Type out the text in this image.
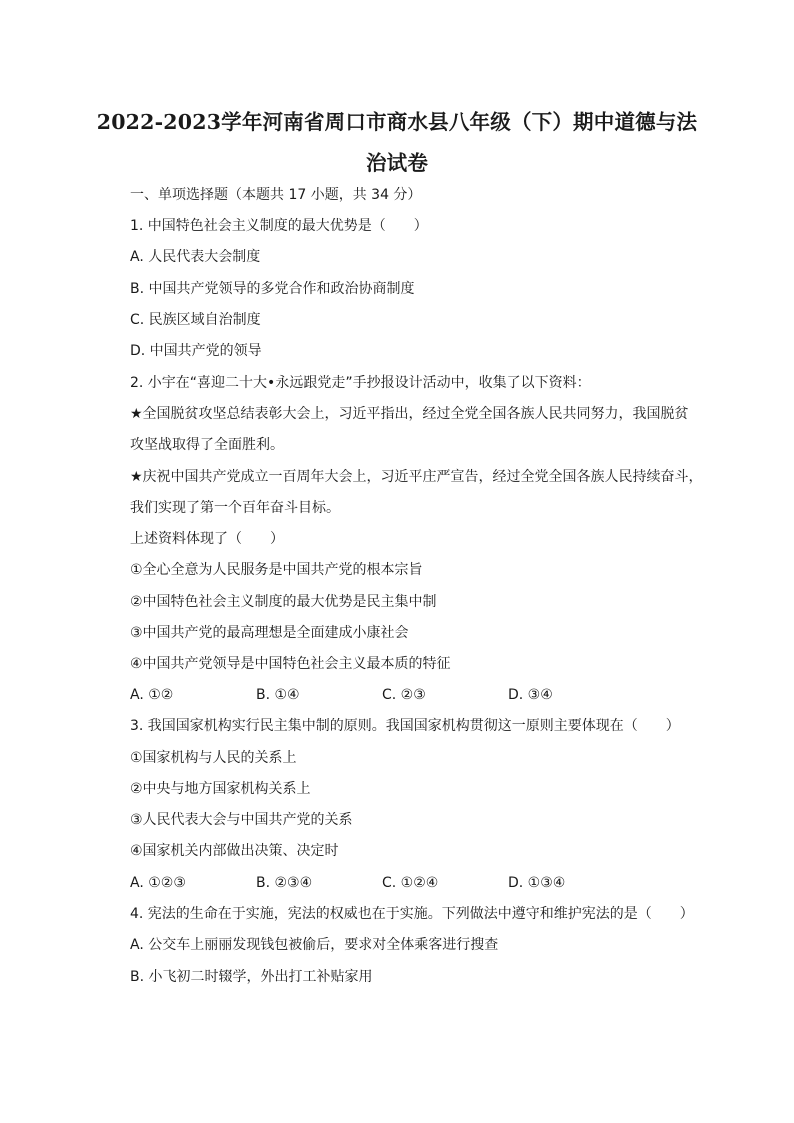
2022-2023学年河南省周口市商水县八年级（下）期中道德与法
治试卷
一、单项选择题（本题共 17 小题，共 34 分）
1. 中国特色社会主义制度的最大优势是（　　）
A. 人民代表大会制度
B. 中国共产党领导的多党合作和政治协商制度
C. 民族区域自治制度
D. 中国共产党的领导
2. 小宇在“喜迎二十大•永远跟党走”手抄报设计活动中，收集了以下资料：
★全国脱贫攻坚总结表彰大会上，习近平指出，经过全党全国各族人民共同努力，我国脱贫
攻坚战取得了全面胜利。
★庆祝中国共产党成立一百周年大会上，习近平庄严宣告，经过全党全国各族人民持续奋斗，
我们实现了第一个百年奋斗目标。
上述资料体现了（　　）
①全心全意为人民服务是中国共产党的根本宗旨
②中国特色社会主义制度的最大优势是民主集中制
③中国共产党的最高理想是全面建成小康社会
④中国共产党领导是中国特色社会主义最本质的特征
A. ①②	B. ①④	C. ②③	D. ③④
3. 我国国家机构实行民主集中制的原则。我国国家机构贯彻这一原则主要体现在（　　）
①国家机构与人民的关系上
②中央与地方国家机构关系上
③人民代表大会与中国共产党的关系
④国家机关内部做出决策、决定时
A. ①②③	B. ②③④	C. ①②④	D. ①③④
4. 宪法的生命在于实施，宪法的权威也在于实施。下列做法中遵守和维护宪法的是（　　）
A. 公交车上丽丽发现钱包被偷后，要求对全体乘客进行搜查
B. 小飞初二时辍学，外出打工补贴家用
